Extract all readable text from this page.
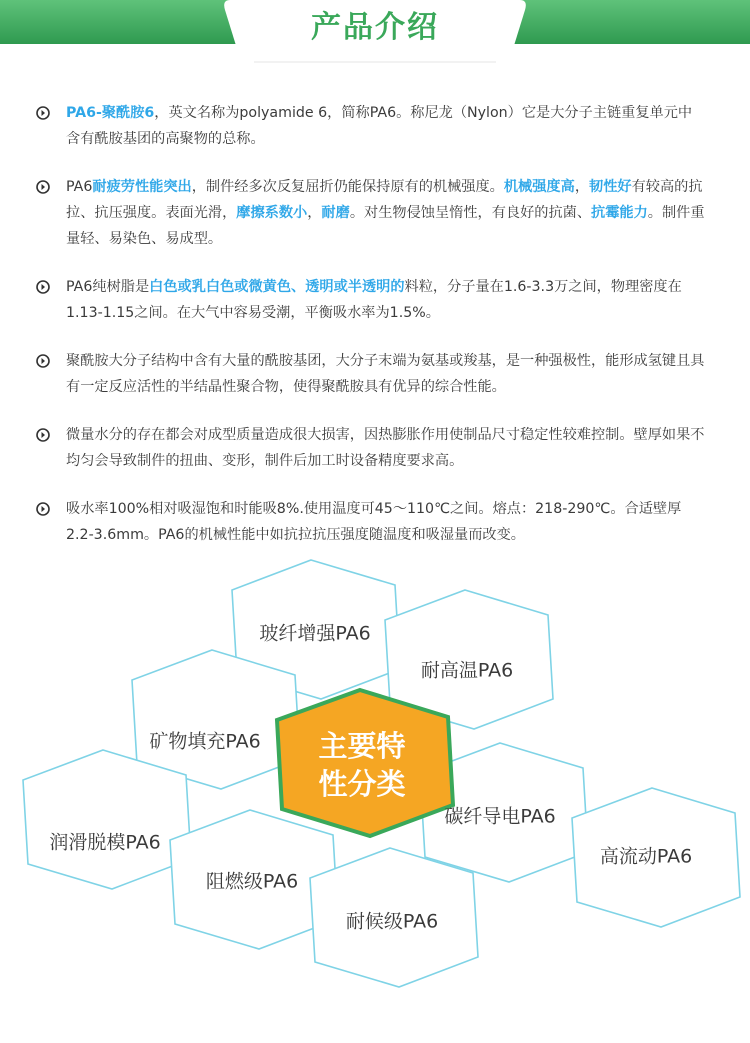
产品介绍
PA6-聚酰胺6，英文名称为polyamide 6，简称PA6。称尼龙（Nylon）它是大分子主链重复单元中含有酰胺基团的高聚物的总称。
PA6耐疲劳性能突出，制件经多次反复屈折仍能保持原有的机械强度。机械强度高，韧性好有较高的抗拉、抗压强度。表面光滑，摩擦系数小，耐磨。对生物侵蚀呈惰性，有良好的抗菌、抗霉能力。制件重量轻、易染色、易成型。
PA6纯树脂是白色或乳白色或微黄色、透明或半透明的料粒，分子量在1.6-3.3万之间，物理密度在1.13-1.15之间。在大气中容易受潮，平衡吸水率为1.5%。
聚酰胺大分子结构中含有大量的酰胺基团，大分子末端为氨基或羧基，是一种强极性，能形成氢键且具有一定反应活性的半结晶性聚合物，使得聚酰胺具有优异的综合性能。
微量水分的存在都会对成型质量造成很大损害，因热膨胀作用使制品尺寸稳定性较难控制。壁厚如果不均匀会导致制件的扭曲、变形，制件后加工时设备精度要求高。
吸水率100%相对吸湿饱和时能吸8%.使用温度可45～110℃之间。熔点：218-290℃。合适壁厚2.2-3.6mm。PA6的机械性能中如抗拉抗压强度随温度和吸湿量而改变。
玻纤增强PA6
耐高温PA6
矿物填充PA6
润滑脱模PA6
阻燃级PA6
耐候级PA6
碳纤导电PA6
高流动PA6
主要特
性分类
